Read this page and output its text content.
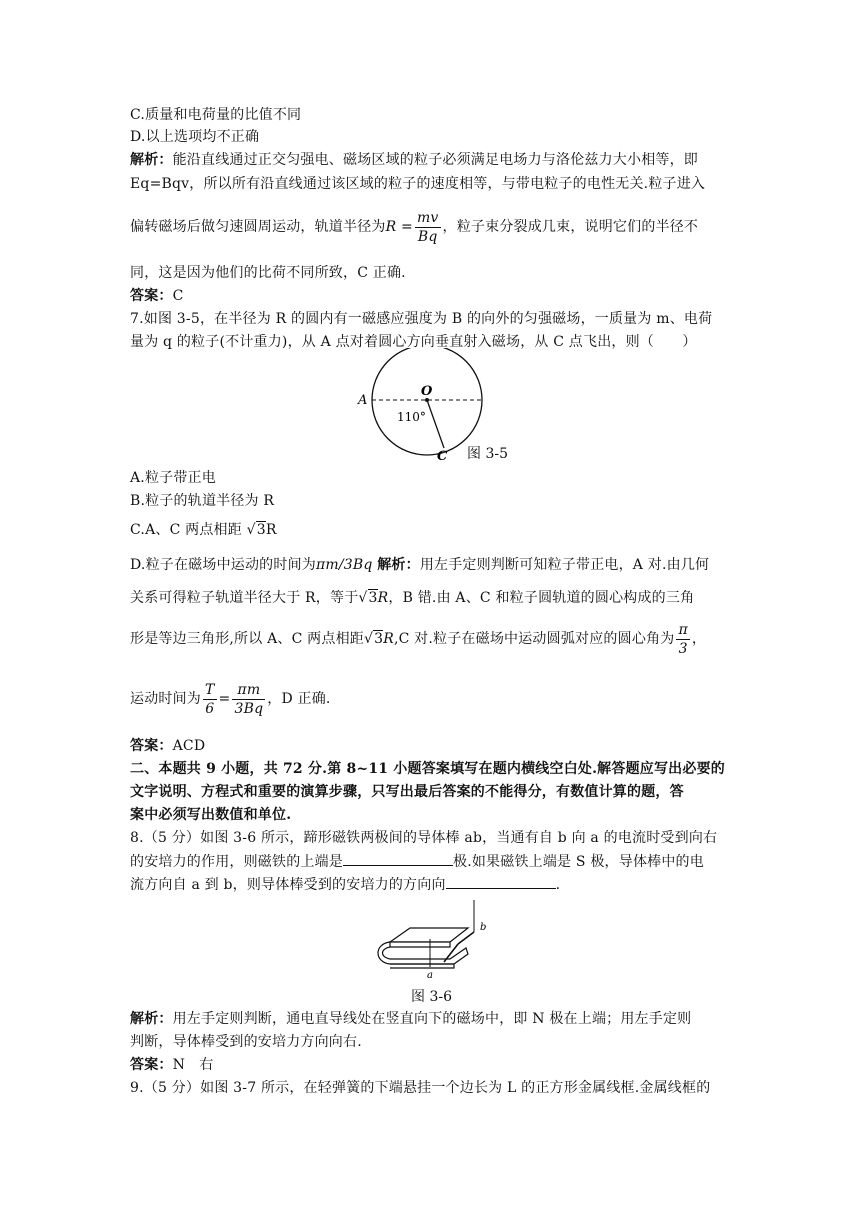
C.质量和电荷量的比值不同
D.以上选项均不正确
解析：能沿直线通过正交匀强电、磁场区域的粒子必须满足电场力与洛伦兹力大小相等，即
Eq=Bqv，所以所有沿直线通过该区域的粒子的速度相等，与带电粒子的电性无关.粒子进入
偏转磁场后做匀速圆周运动，轨道半径为$R = \frac{mv}{Bq}$ ，粒子束分裂成几束，说明它们的半径不
同，这是因为他们的比荷不同所致，C 正确.
答案：C
7.如图 3-5，在半径为 R 的圆内有一磁感应强度为 B 的向外的匀强磁场，一质量为 m、电荷
量为 q 的粒子(不计重力)，从 A 点对着圆心方向垂直射入磁场，从 C 点飞出，则（　　）
A
O
110°
C 图 3-5
A.粒子带正电
B.粒子的轨道半径为 R
C.A、C 两点相距 √3R
D.粒子在磁场中运动的时间为πm/3Bq 解析：用左手定则判断可知粒子带正电，A 对.由几何
关系可得粒子轨道半径大于 R，等于√3R，B 错.由 A、C 和粒子圆轨道的圆心构成的三角
形是等边三角形,所以 A、C 两点相距√3R,C 对.粒子在磁场中运动圆弧对应的圆心角为 $\frac{\pi}{3}$ ，
运动时间为 $\frac{T}{6} = \frac{\pi m}{3Bq}$ ，D 正确.
答案：ACD
二、本题共 9 小题，共 72 分.第 8~11 小题答案填写在题内横线空白处.解答题应写出必要的
文字说明、方程式和重要的演算步骤，只写出最后答案的不能得分，有数值计算的题，答
案中必须写出数值和单位.
8.（5 分）如图 3-6 所示，蹄形磁铁两极间的导体棒 ab，当通有自 b 向 a 的电流时受到向右
的安培力的作用，则磁铁的上端是	极.如果磁铁上端是 S 极，导体棒中的电
流方向自 a 到 b，则导体棒受到的安培力的方向向	.
b
a
图 3-6
解析：用左手定则判断，通电直导线处在竖直向下的磁场中，即 N 极在上端；用左手定则
判断，导体棒受到的安培力方向向右.
答案：N　右
9.（5 分）如图 3-7 所示，在轻弹簧的下端悬挂一个边长为 L 的正方形金属线框.金属线框的
